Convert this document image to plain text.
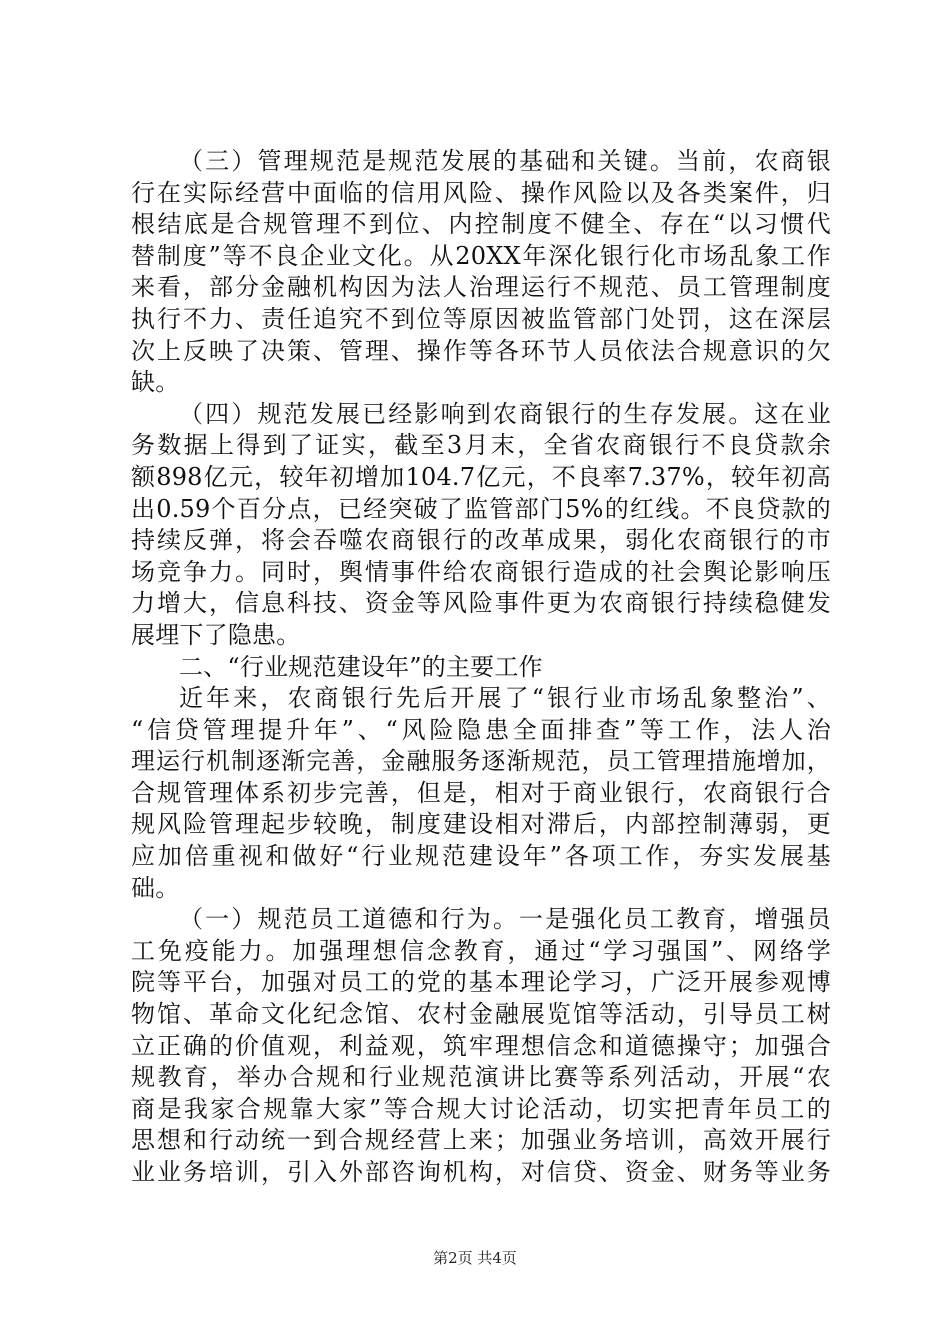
（三）管理规范是规范发展的基础和关键。当前，农商银
行在实际经营中面临的信用风险、操作风险以及各类案件，归
根结底是合规管理不到位、内控制度不健全、存在“以习惯代
替制度”等不良企业文化。从20XX年深化银行化市场乱象工作
来看，部分金融机构因为法人治理运行不规范、员工管理制度
执行不力、责任追究不到位等原因被监管部门处罚，这在深层
次上反映了决策、管理、操作等各环节人员依法合规意识的欠
缺。
（四）规范发展已经影响到农商银行的生存发展。这在业
务数据上得到了证实，截至3月末，全省农商银行不良贷款余
额898亿元，较年初增加104.7亿元，不良率7.37%，较年初高
出0.59个百分点，已经突破了监管部门5%的红线。不良贷款的
持续反弹，将会吞噬农商银行的改革成果，弱化农商银行的市
场竞争力。同时，舆情事件给农商银行造成的社会舆论影响压
力增大，信息科技、资金等风险事件更为农商银行持续稳健发
展埋下了隐患。
二、“行业规范建设年”的主要工作
近年来，农商银行先后开展了“银行业市场乱象整治”、
“信贷管理提升年”、“风险隐患全面排查”等工作，法人治
理运行机制逐渐完善，金融服务逐渐规范，员工管理措施增加，
合规管理体系初步完善，但是，相对于商业银行，农商银行合
规风险管理起步较晚，制度建设相对滞后，内部控制薄弱，更
应加倍重视和做好“行业规范建设年”各项工作，夯实发展基
础。
（一）规范员工道德和行为。一是强化员工教育，增强员
工免疫能力。加强理想信念教育，通过“学习强国”、网络学
院等平台，加强对员工的党的基本理论学习，广泛开展参观博
物馆、革命文化纪念馆、农村金融展览馆等活动，引导员工树
立正确的价值观，利益观，筑牢理想信念和道德操守；加强合
规教育，举办合规和行业规范演讲比赛等系列活动，开展“农
商是我家合规靠大家”等合规大讨论活动，切实把青年员工的
思想和行动统一到合规经营上来；加强业务培训，高效开展行
业业务培训，引入外部咨询机构，对信贷、资金、财务等业务
第2页 共4页
